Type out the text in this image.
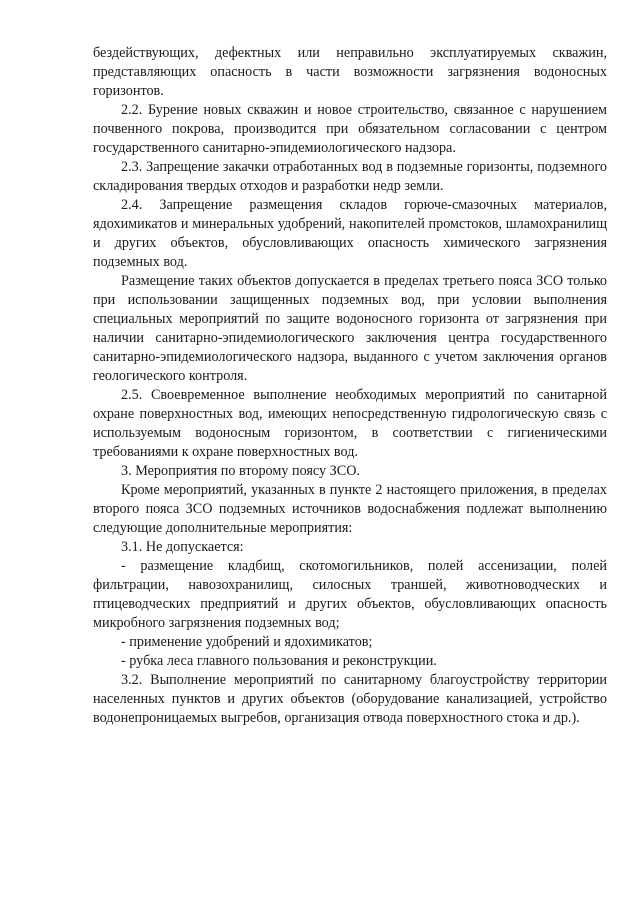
бездействующих, дефектных или неправильно эксплуатируемых скважин, представляющих опасность в части возможности загрязнения водоносных горизонтов.

2.2. Бурение новых скважин и новое строительство, связанное с нарушением почвенного покрова, производится при обязательном согласовании с центром государственного санитарно-эпидемиологического надзора.

2.3. Запрещение закачки отработанных вод в подземные горизонты, подземного складирования твердых отходов и разработки недр земли.

2.4. Запрещение размещения складов горюче-смазочных материалов, ядохимикатов и минеральных удобрений, накопителей промстоков, шламохранилищ и других объектов, обусловливающих опасность химического загрязнения подземных вод.

Размещение таких объектов допускается в пределах третьего пояса ЗСО только при использовании защищенных подземных вод, при условии выполнения специальных мероприятий по защите водоносного горизонта от загрязнения при наличии санитарно-эпидемиологического заключения центра государственного санитарно-эпидемиологического надзора, выданного с учетом заключения органов геологического контроля.

2.5. Своевременное выполнение необходимых мероприятий по санитарной охране поверхностных вод, имеющих непосредственную гидрологическую связь с используемым водоносным горизонтом, в соответствии с гигиеническими требованиями к охране поверхностных вод.

3. Мероприятия по второму поясу ЗСО.

Кроме мероприятий, указанных в пункте 2 настоящего приложения, в пределах второго пояса ЗСО подземных источников водоснабжения подлежат выполнению следующие дополнительные мероприятия:

3.1. Не допускается:

- размещение кладбищ, скотомогильников, полей ассенизации, полей фильтрации, навозохранилищ, силосных траншей, животноводческих и птицеводческих предприятий и других объектов, обусловливающих опасность микробного загрязнения подземных вод;

- применение удобрений и ядохимикатов;

- рубка леса главного пользования и реконструкции.

3.2. Выполнение мероприятий по санитарному благоустройству территории населенных пунктов и других объектов (оборудование канализацией, устройство водонепроницаемых выгребов, организация отвода поверхностного стока и др.).
